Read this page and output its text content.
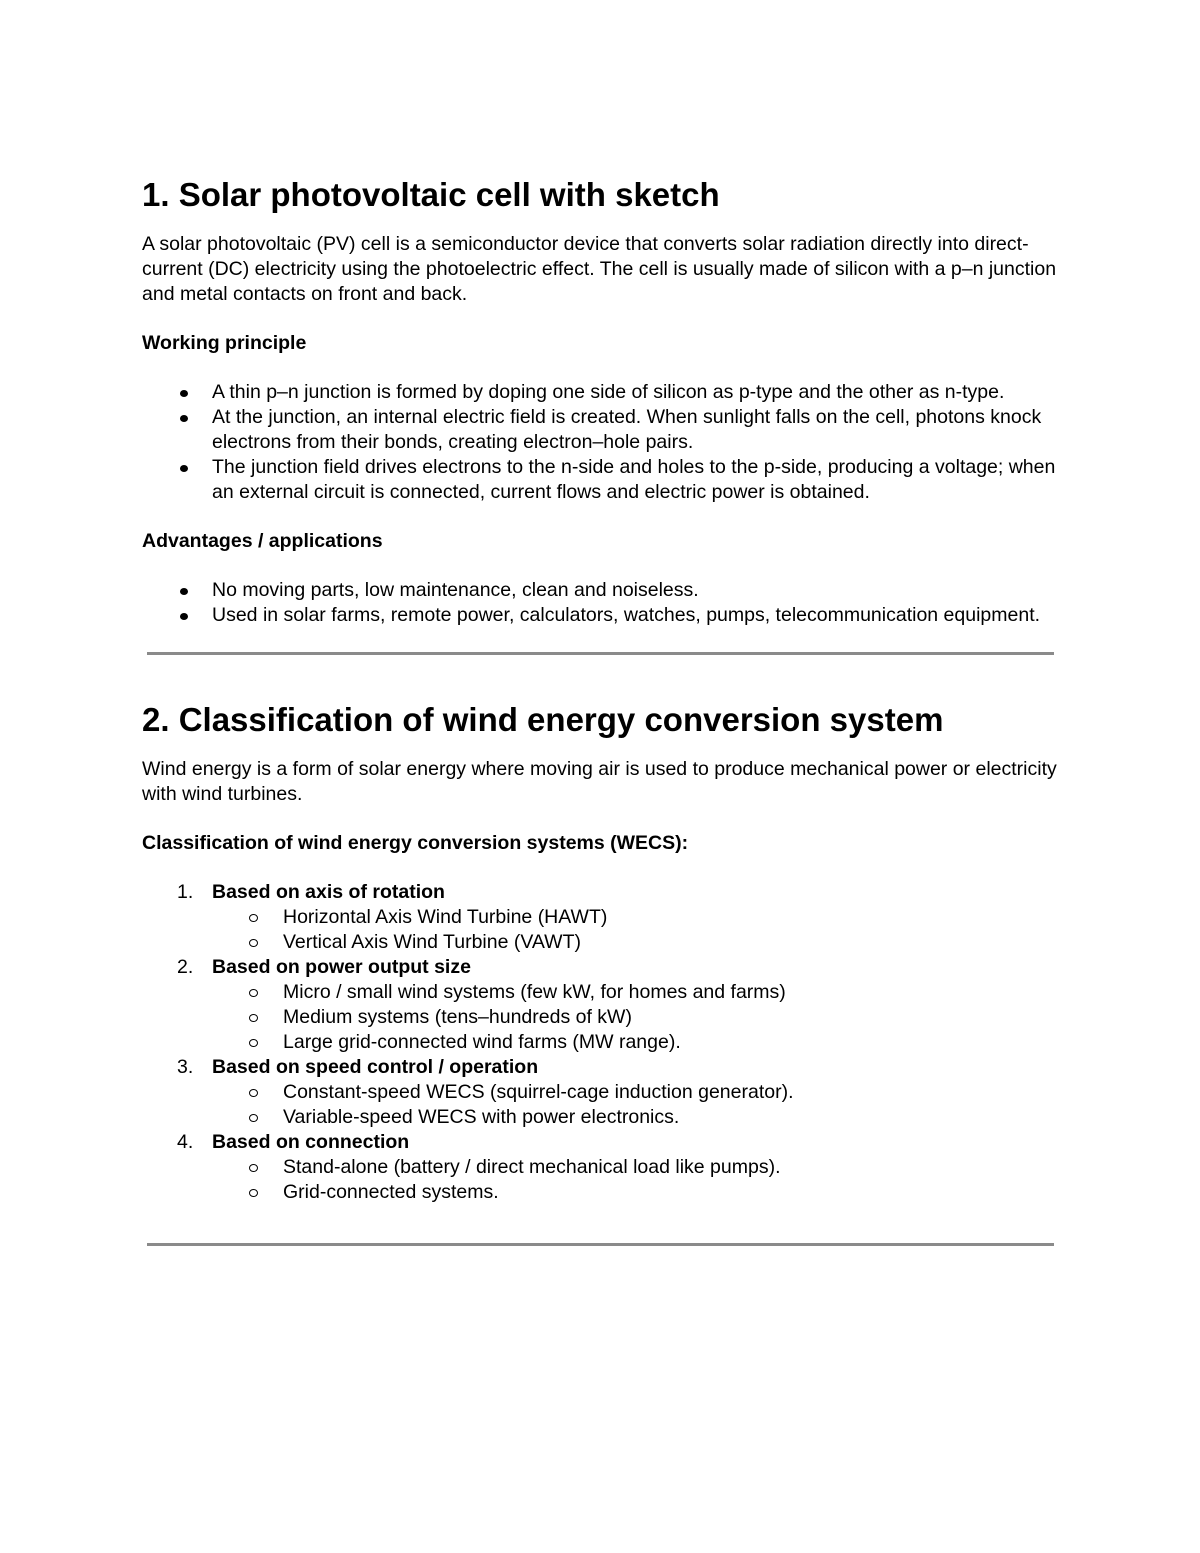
1. Solar photovoltaic cell with sketch

A solar photovoltaic (PV) cell is a semiconductor device that converts solar radiation directly into direct-current (DC) electricity using the photoelectric effect. The cell is usually made of silicon with a p–n junction and metal contacts on front and back.

Working principle
A thin p–n junction is formed by doping one side of silicon as p-type and the other as n-type.
At the junction, an internal electric field is created. When sunlight falls on the cell, photons knock electrons from their bonds, creating electron–hole pairs.
The junction field drives electrons to the n-side and holes to the p-side, producing a voltage; when an external circuit is connected, current flows and electric power is obtained.
Advantages / applications
No moving parts, low maintenance, clean and noiseless.
Used in solar farms, remote power, calculators, watches, pumps, telecommunication equipment.
2. Classification of wind energy conversion system

Wind energy is a form of solar energy where moving air is used to produce mechanical power or electricity with wind turbines.

Classification of wind energy conversion systems (WECS):
1. Based on axis of rotation
Horizontal Axis Wind Turbine (HAWT)
Vertical Axis Wind Turbine (VAWT)
2. Based on power output size
Micro / small wind systems (few kW, for homes and farms)
Medium systems (tens–hundreds of kW)
Large grid-connected wind farms (MW range).
3. Based on speed control / operation
Constant-speed WECS (squirrel-cage induction generator).
Variable-speed WECS with power electronics.
4. Based on connection
Stand-alone (battery / direct mechanical load like pumps).
Grid-connected systems.
